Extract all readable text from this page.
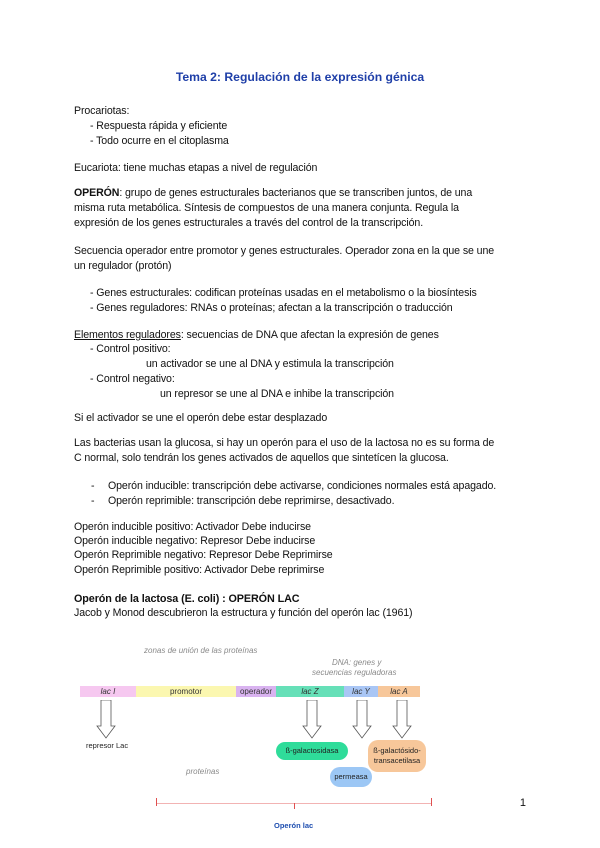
Tema 2: Regulación de la expresión génica
Procariotas:
- Respuesta rápida y eficiente
- Todo ocurre en el citoplasma
Eucariota: tiene muchas etapas a nivel de regulación
OPERÓN: grupo de genes estructurales bacterianos que se transcriben juntos, de una
misma ruta metabólica. Síntesis de compuestos de una manera conjunta. Regula la
expresión de los genes estructurales a través del control de la transcripción.
Secuencia operador entre promotor y genes estructurales. Operador zona en la que se une
un regulador (protón)
- Genes estructurales: codifican proteínas usadas en el metabolismo o la biosíntesis
- Genes reguladores: RNAs o proteínas; afectan a la transcripción o traducción
Elementos reguladores: secuencias de DNA que afectan la expresión de genes
- Control positivo:
un activador se une al DNA y estimula la transcripción
- Control negativo:
un represor se une al DNA e inhibe la transcripción
Si el activador se une el operón debe estar desplazado
Las bacterias usan la glucosa, si hay un operón para el uso de la lactosa no es su forma de
C normal, solo tendrán los genes activados de aquellos que sintetícen la glucosa.
- Operón inducible: transcripción debe activarse, condiciones normales está apagado.
- Operón reprimible: transcripción debe reprimirse, desactivado.
Operón inducible positivo: Activador Debe inducirse
Operón inducible negativo: Represor Debe inducirse
Operón Reprimible negativo: Represor Debe Reprimirse
Operón Reprimible positivo: Activador Debe reprimirse
Operón de la lactosa (E. coli) : OPERÓN LAC
Jacob y Monod descubrieron la estructura y función del operón lac (1961)
zonas de unión de las proteínas
DNA: genes y
secuencias reguladoras
lac I	promotor	operador	lac Z	lac Y	lac A
represor Lac
proteínas
ß-galactosidasa
permeasa
ß-galactósido-
transacetilasa
Operón lac
1
